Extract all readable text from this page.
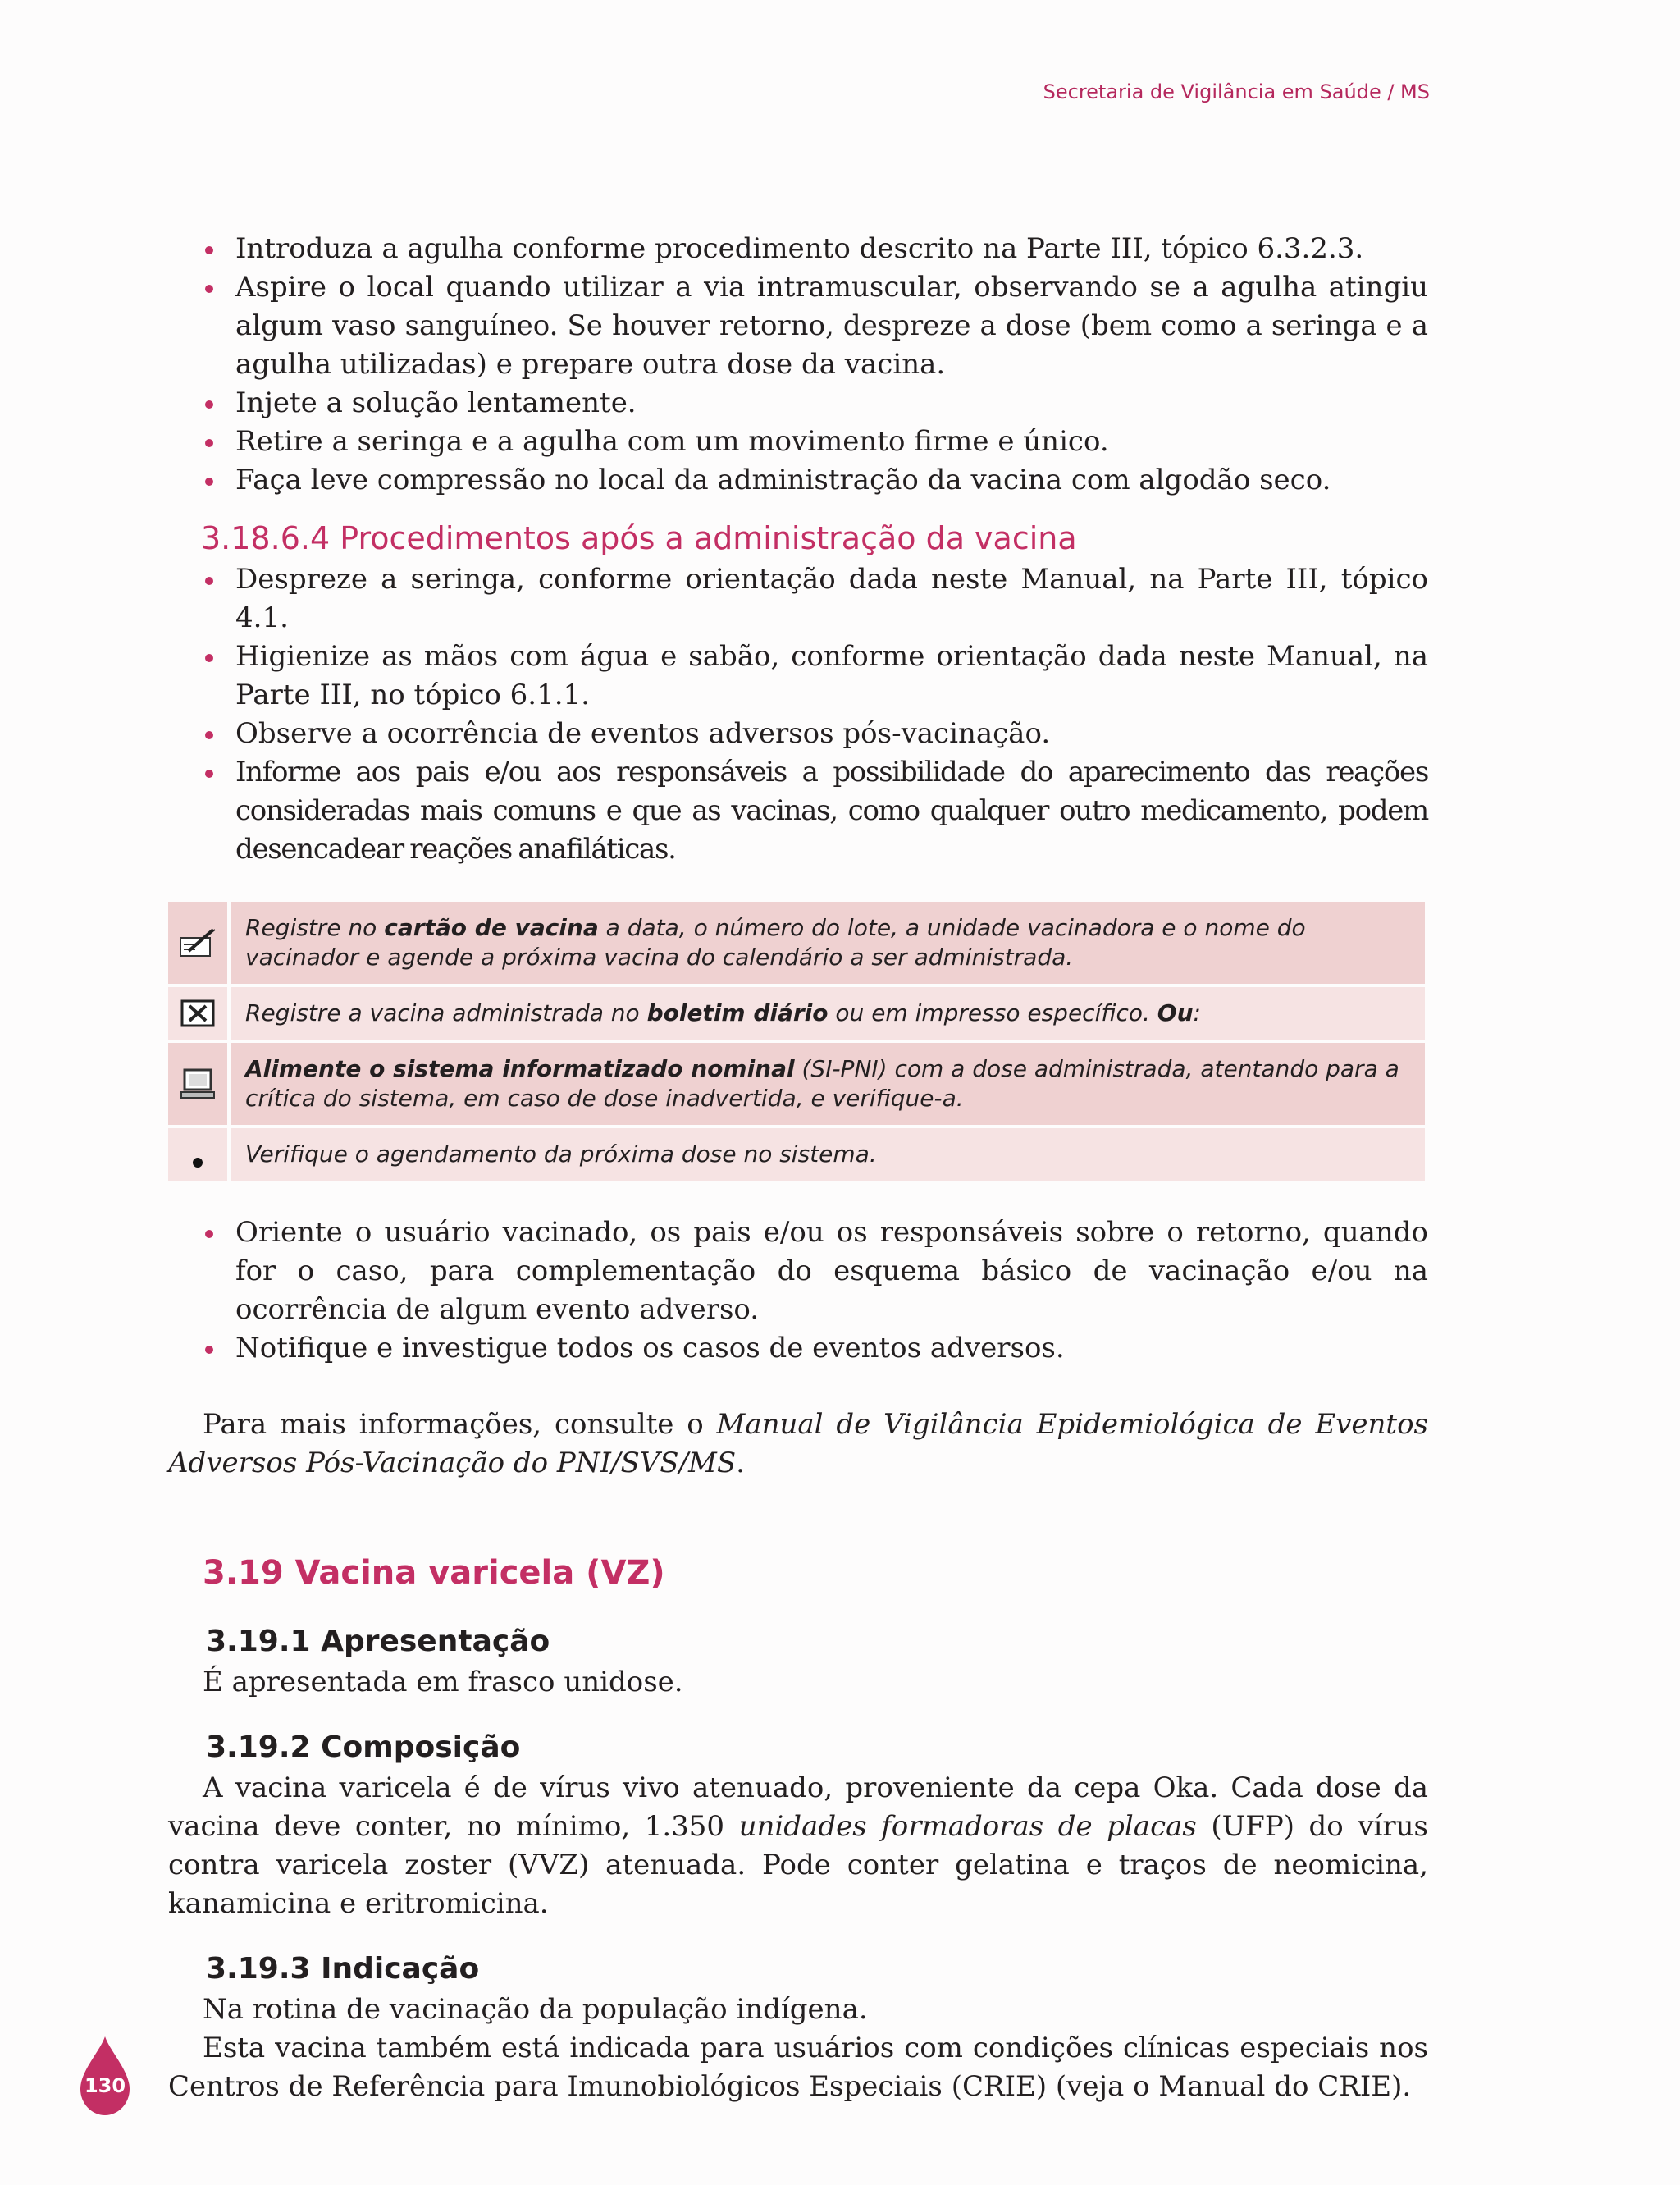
Secretaria de Vigilância em Saúde / MS
Introduza a agulha conforme procedimento descrito na Parte III, tópico 6.3.2.3.
Aspire o local quando utilizar a via intramuscular, observando se a agulha atingiu algum vaso sanguíneo. Se houver retorno, despreze a dose (bem como a seringa e a agulha utilizadas) e prepare outra dose da vacina.
Injete a solução lentamente.
Retire a seringa e a agulha com um movimento firme e único.
Faça leve compressão no local da administração da vacina com algodão seco.
3.18.6.4 Procedimentos após a administração da vacina
Despreze a seringa, conforme orientação dada neste Manual, na Parte III, tópico 4.1.
Higienize as mãos com água e sabão, conforme orientação dada neste Manual, na Parte III, no tópico 6.1.1.
Observe a ocorrência de eventos adversos pós-vacinação.
Informe aos pais e/ou aos responsáveis a possibilidade do aparecimento das reações consideradas mais comuns e que as vacinas, como qualquer outro medicamento, podem desencadear reações anafiláticas.
Registre no cartão de vacina a data, o número do lote, a unidade vacinadora e o nome do vacinador e agende a próxima vacina do calendário a ser administrada.
Registre a vacina administrada no boletim diário ou em impresso específico. Ou:
Alimente o sistema informatizado nominal (SI-PNI) com a dose administrada, atentando para a crítica do sistema, em caso de dose inadvertida, e verifique-a.
Verifique o agendamento da próxima dose no sistema.
Oriente o usuário vacinado, os pais e/ou os responsáveis sobre o retorno, quando for o caso, para complementação do esquema básico de vacinação e/ou na ocorrência de algum evento adverso.
Notifique e investigue todos os casos de eventos adversos.

Para mais informações, consulte o Manual de Vigilância Epidemiológica de Eventos Adversos Pós-Vacinação do PNI/SVS/MS.

3.19 Vacina varicela (VZ)
3.19.1 Apresentação

É apresentada em frasco unidose.

3.19.2 Composição

A vacina varicela é de vírus vivo atenuado, proveniente da cepa Oka. Cada dose da vacina deve conter, no mínimo, 1.350 unidades formadoras de placas (UFP) do vírus contra varicela zoster (VVZ) atenuada. Pode conter gelatina e traços de neomicina, kanamicina e eritromicina.

3.19.3 Indicação

Na rotina de vacinação da população indígena.

Esta vacina também está indicada para usuários com condições clínicas especiais nos Centros de Referência para Imunobiológicos Especiais (CRIE) (veja o Manual do CRIE).

130
